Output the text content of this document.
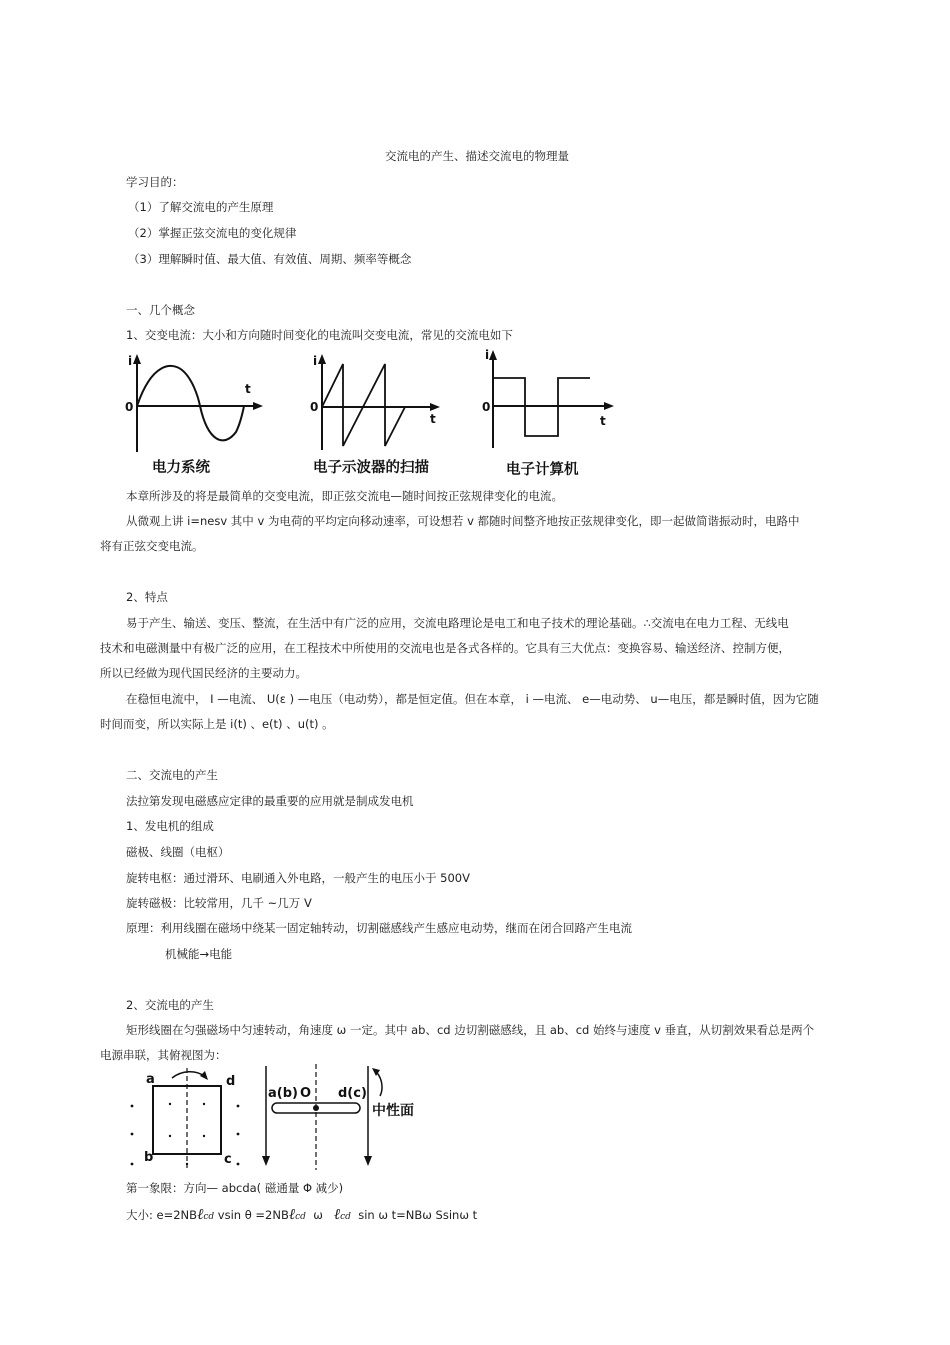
交流电的产生、描述交流电的物理量
学习目的：
（1）了解交流电的产生原理
（2）掌握正弦交流电的变化规律
（3）理解瞬时值、最大值、有效值、周期、频率等概念
一、几个概念
1、交变电流：大小和方向随时间变化的电流叫交变电流，常见的交流电如下
i
0
t
电力系统
i
0
t
电子示波器的扫描
i
0
t
电子计算机
本章所涉及的将是最简单的交变电流，即正弦交流电—随时间按正弦规律变化的电流。
从微观上讲 i=nesv 其中 v 为电荷的平均定向移动速率，可设想若 v 都随时间整齐地按正弦规律变化，即一起做简谐振动时，电路中
将有正弦交变电流。
2、特点
易于产生、输送、变压、整流，在生活中有广泛的应用，交流电路理论是电工和电子技术的理论基础。∴交流电在电力工程、无线电
技术和电磁测量中有极广泛的应用，在工程技术中所使用的交流电也是各式各样的。它具有三大优点：变换容易、输送经济、控制方便，
所以已经做为现代国民经济的主要动力。
在稳恒电流中， I —电流、 U(ε ) —电压（电动势），都是恒定值。但在本章， i —电流、 e—电动势、 u—电压，都是瞬时值，因为它随
时间而变，所以实际上是 i(t) 、e(t) 、u(t) 。
二、交流电的产生
法拉第发现电磁感应定律的最重要的应用就是制成发电机
1、发电机的组成
磁极、线圈（电枢）
旋转电枢：通过滑环、电刷通入外电路，一般产生的电压小于 500V
旋转磁极：比较常用，几千 ~几万 V
原理：利用线圈在磁场中绕某一固定轴转动，切割磁感线产生感应电动势，继而在闭合回路产生电流
机械能→电能
2、交流电的产生
矩形线圈在匀强磁场中匀速转动，角速度 ω 一定。其中 ab、cd 边切割磁感线，且 ab、cd 始终与速度 v 垂直，从切割效果看总是两个
电源串联，其俯视图为：
a	d
b	c
a(b) O d(c)
中性面
第一象限：方向— abcda( 磁通量 Φ 减少)
大小: e=2NBℓcd vsin θ =2NBℓcd ω ℓcd sin ω t=NBω Ssinω t
